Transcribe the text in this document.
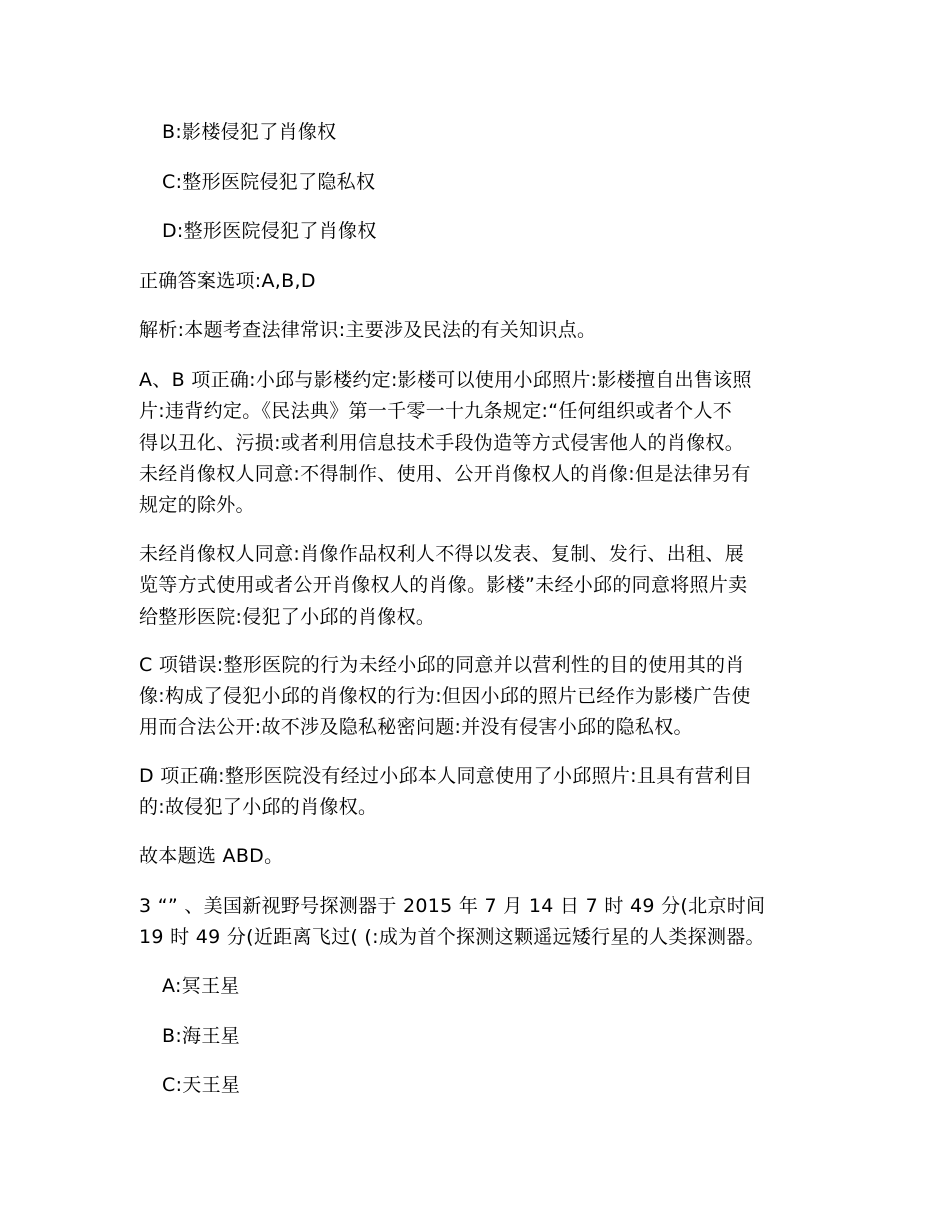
B:影楼侵犯了肖像权
C:整形医院侵犯了隐私权
D:整形医院侵犯了肖像权
正确答案选项:A,B,D
解析:本题考查法律常识:主要涉及民法的有关知识点。
A、B 项正确:小邱与影楼约定:影楼可以使用小邱照片:影楼擅自出售该照
片:违背约定。《民法典》第一千零一十九条规定:“任何组织或者个人不
得以丑化、污损:或者利用信息技术手段伪造等方式侵害他人的肖像权。
未经肖像权人同意:不得制作、使用、公开肖像权人的肖像:但是法律另有
规定的除外。
未经肖像权人同意:肖像作品权利人不得以发表、复制、发行、出租、展
览等方式使用或者公开肖像权人的肖像。影楼”未经小邱的同意将照片卖
给整形医院:侵犯了小邱的肖像权。
C 项错误:整形医院的行为未经小邱的同意并以营利性的目的使用其的肖
像:构成了侵犯小邱的肖像权的行为:但因小邱的照片已经作为影楼广告使
用而合法公开:故不涉及隐私秘密问题:并没有侵害小邱的隐私权。
D 项正确:整形医院没有经过小邱本人同意使用了小邱照片:且具有营利目
的:故侵犯了小邱的肖像权。
故本题选 ABD。
3 “” 、美国新视野号探测器于 2015 年 7 月 14 日 7 时 49 分(北京时间
19 时 49 分(近距离飞过( (:成为首个探测这颗遥远矮行星的人类探测器。
A:冥王星
B:海王星
C:天王星
